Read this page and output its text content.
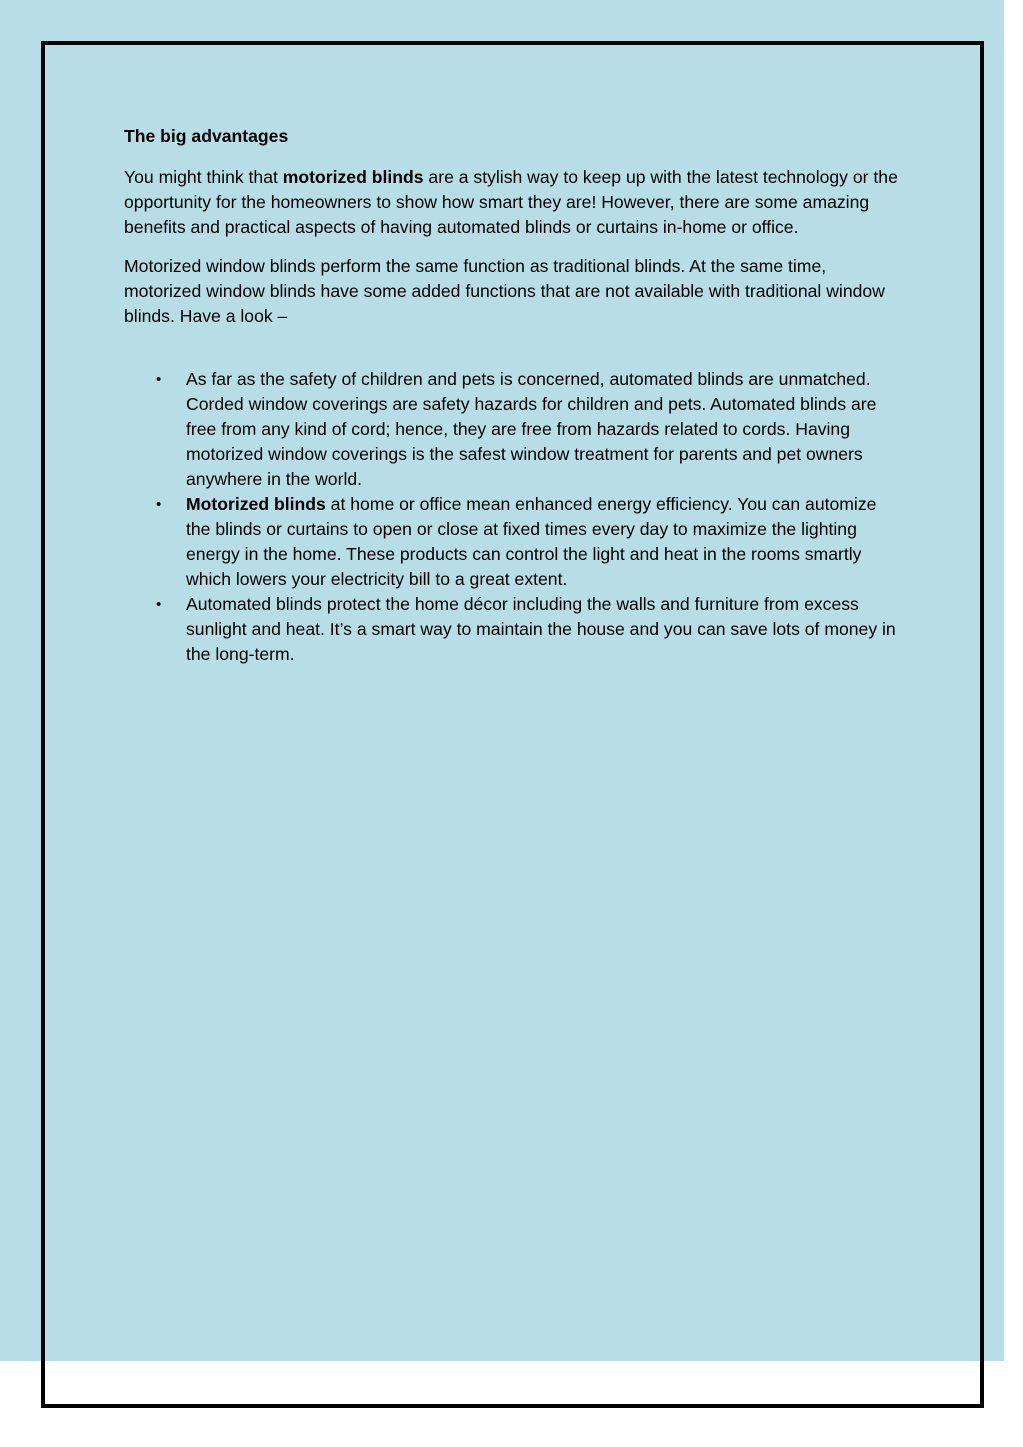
The big advantages

You might think that motorized blinds are a stylish way to keep up with the latest technology or the opportunity for the homeowners to show how smart they are! However, there are some amazing benefits and practical aspects of having automated blinds or curtains in-home or office.

Motorized window blinds perform the same function as traditional blinds. At the same time, motorized window blinds have some added functions that are not available with traditional window blinds. Have a look –

• As far as the safety of children and pets is concerned, automated blinds are unmatched. Corded window coverings are safety hazards for children and pets. Automated blinds are free from any kind of cord; hence, they are free from hazards related to cords. Having motorized window coverings is the safest window treatment for parents and pet owners anywhere in the world.
• Motorized blinds at home or office mean enhanced energy efficiency. You can automize the blinds or curtains to open or close at fixed times every day to maximize the lighting energy in the home. These products can control the light and heat in the rooms smartly which lowers your electricity bill to a great extent.
• Automated blinds protect the home décor including the walls and furniture from excess sunlight and heat. It’s a smart way to maintain the house and you can save lots of money in the long-term.
